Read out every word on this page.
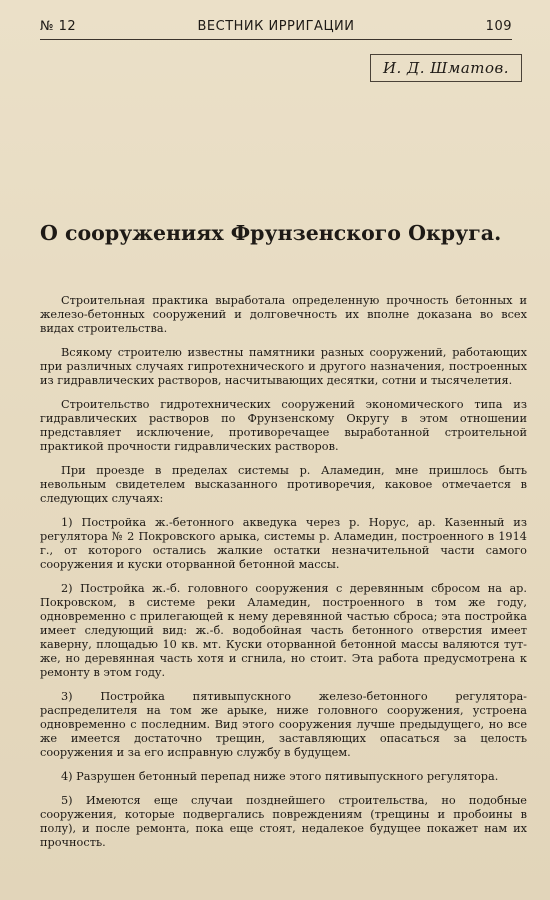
№ 12	ВЕСТНИК ИРРИГАЦИИ	109
И. Д. Шматов.
О сооружениях Фрунзенского Округа.

Строительная практика выработала определенную прочность бетонных и железо-бетонных сооружений и долговечность их вполне доказана во всех видах строительства.

Всякому строителю известны памятники разных сооружений, работающих при различных случаях гипротехнического и другого назначения, построенных из гидравлических растворов, насчитывающих десятки, сотни и тысячелетия.

Строительство гидротехнических сооружений экономического типа из гидравлических растворов по Фрунзенскому Округу в этом отношении представляет исключение, противоречащее выработанной строительной практикой прочности гидравлических растворов.

При проезде в пределах системы р. Аламедин, мне пришлось быть невольным свидетелем высказанного противоречия, каковое отмечается в следующих случаях:

1) Постройка ж.-бетонного акведука через р. Норус, ар. Казенный из регулятора № 2 Покровского арыка, системы р. Аламедин, построенного в 1914 г., от которого остались жалкие остатки незначительной части самого сооружения и куски оторванной бетонной массы.

2) Постройка ж.-б. головного сооружения с деревянным сбросом на ар. Покровском, в системе реки Аламедин, построенного в том же году, одновременно с прилегающей к нему деревянной частью сброса; эта постройка имеет следующий вид: ж.-б. водобойная часть бетонного отверстия имеет каверну, площадью 10 кв. мт. Куски оторванной бетонной массы валяются тут-же, но деревянная часть хотя и сгнила, но стоит. Эта работа предусмотрена к ремонту в этом году.

3) Постройка пятивыпускного железо-бетонного регулятора-распределителя на том же арыке, ниже головного сооружения, устроена одновременно с последним. Вид этого сооружения лучше предыдущего, но все же имеется достаточно трещин, заставляющих опасаться за целость сооружения и за его исправную службу в будущем.

4) Разрушен бетонный перепад ниже этого пятивыпускного регулятора.

5) Имеются еще случаи позднейшего строительства, но подобные сооружения, которые подвергались повреждениям (трещины и пробоины в полу), и после ремонта, пока еще стоят, недалекое будущее покажет нам их прочность.
